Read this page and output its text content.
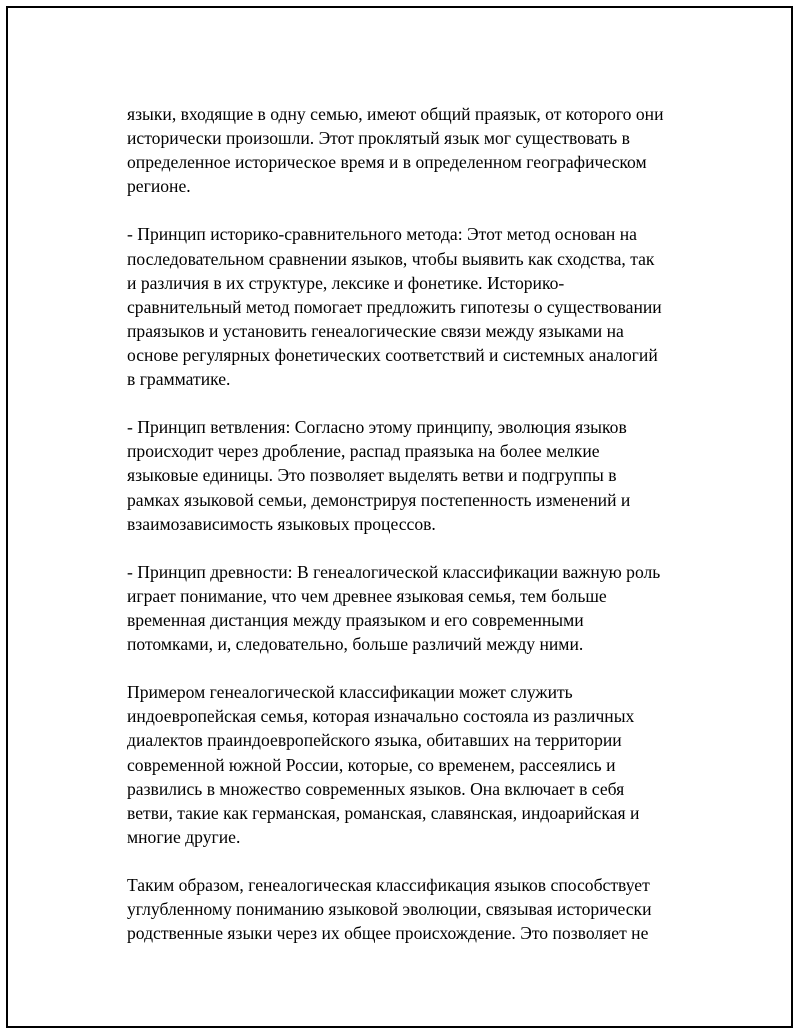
языки, входящие в одну семью, имеют общий праязык, от которого они
исторически произошли. Этот проклятый язык мог существовать в
определенное историческое время и в определенном географическом
регионе.

- Принцип историко-сравнительного метода: Этот метод основан на
последовательном сравнении языков, чтобы выявить как сходства, так
и различия в их структуре, лексике и фонетике. Историко-
сравнительный метод помогает предложить гипотезы о существовании
праязыков и установить генеалогические связи между языками на
основе регулярных фонетических соответствий и системных аналогий
в грамматике.

- Принцип ветвления: Согласно этому принципу, эволюция языков
происходит через дробление, распад праязыка на более мелкие
языковые единицы. Это позволяет выделять ветви и подгруппы в
рамках языковой семьи, демонстрируя постепенность изменений и
взаимозависимость языковых процессов.

- Принцип древности: В генеалогической классификации важную роль
играет понимание, что чем древнее языковая семья, тем больше
временная дистанция между праязыком и его современными
потомками, и, следовательно, больше различий между ними.

Примером генеалогической классификации может служить
индоевропейская семья, которая изначально состояла из различных
диалектов праиндоевропейского языка, обитавших на территории
современной южной России, которые, со временем, рассеялись и
развились в множество современных языков. Она включает в себя
ветви, такие как германская, романская, славянская, индоарийская и
многие другие.

Таким образом, генеалогическая классификация языков способствует
углубленному пониманию языковой эволюции, связывая исторически
родственные языки через их общее происхождение. Это позволяет не
